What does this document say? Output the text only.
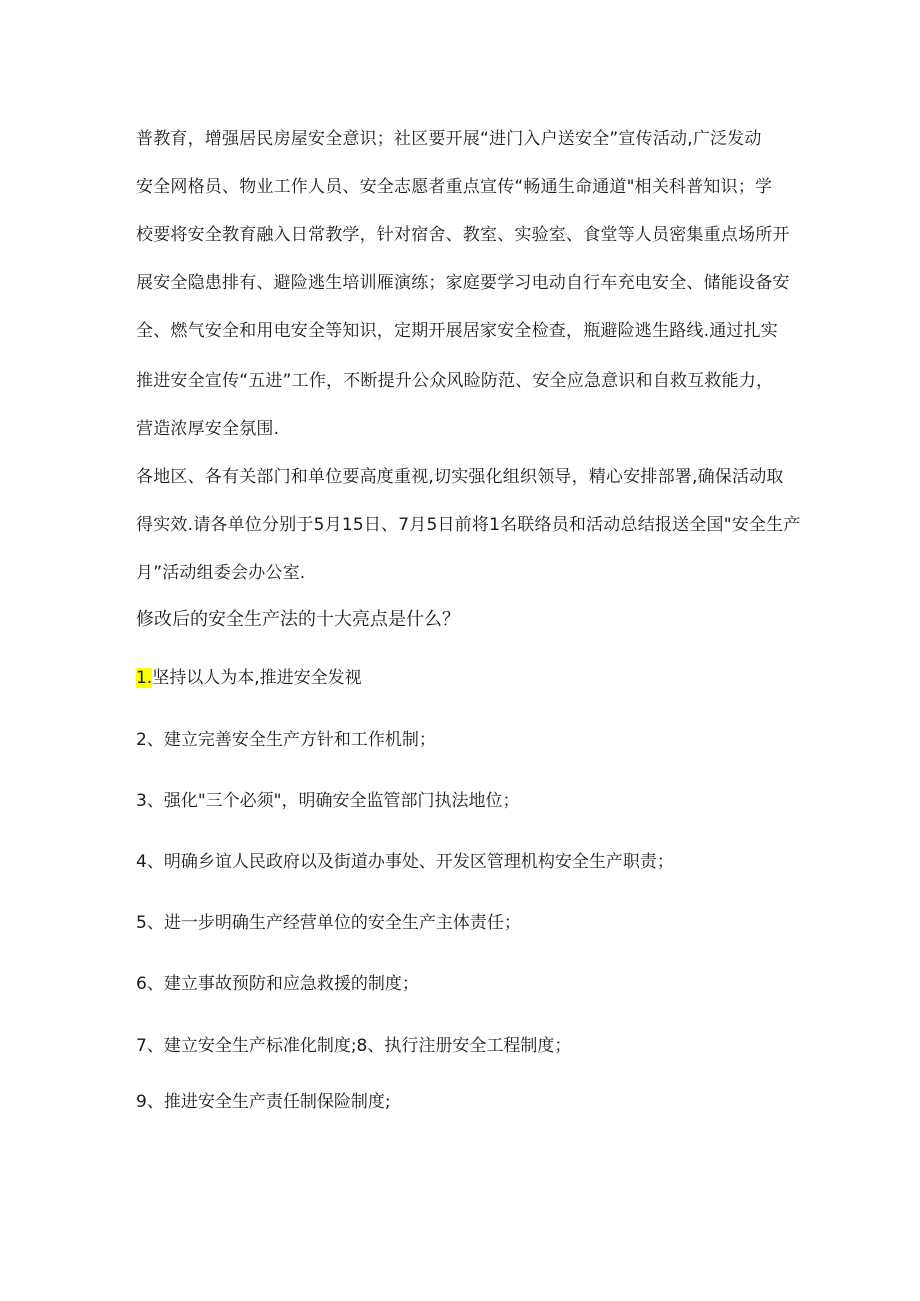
普教育，增强居民房屋安全意识；社区要开展“进门入户送安全”宣传活动,广泛发动
安全网格员、物业工作人员、安全志愿者重点宣传“畅通生命通道"相关科普知识；学
校要将安全教育融入日常教学，针对宿舍、教室、实验室、食堂等人员密集重点场所开
展安全隐患排有、避险逃生培训雁演练；家庭要学习电动自行车充电安全、储能设备安
全、燃气安全和用电安全等知识，定期开展居家安全检查，瓶避险逃生路线.通过扎实
推进安全宣传“五进”工作，不断提升公众风睑防范、安全应急意识和自救互救能力，
营造浓厚安全氛围.
各地区、各有关部门和单位要高度重视,切实强化组织领导，精心安排部署,确保活动取
得实效.请各单位分别于5月15日、7月5日前将1名联络员和活动总结报送全国"安全生产
月”活动组委会办公室.
修改后的安全生产法的十大亮点是什么？
1.坚持以人为本,推进安全发视
2、建立完善安全生产方针和工作机制；
3、强化"三个必须"，明确安全监管部门执法地位；
4、明确乡谊人民政府以及街道办事处、开发区管理机构安全生产职责；
5、进一步明确生产经营单位的安全生产主体责任；
6、建立事故预防和应急救援的制度；
7、建立安全生产标准化制度;8、执行注册安全工程制度；
9、推进安全生产责任制保险制度;
